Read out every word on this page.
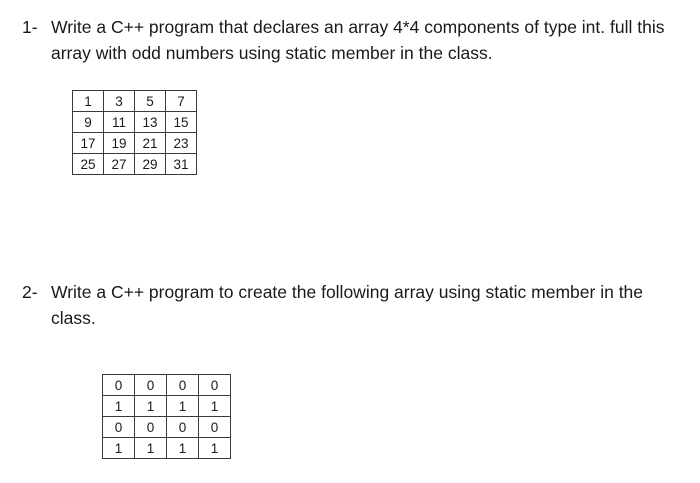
1- Write a C++ program that declares an array 4*4 components of type int. full this array with odd numbers using static member in the class.
1	3	5	7
9	11	13	15
17	19	21	23
25	27	29	31
2- Write a C++ program to create the following array using static member in the class.
0	0	0	0
1	1	1	1
0	0	0	0
1	1	1	1
